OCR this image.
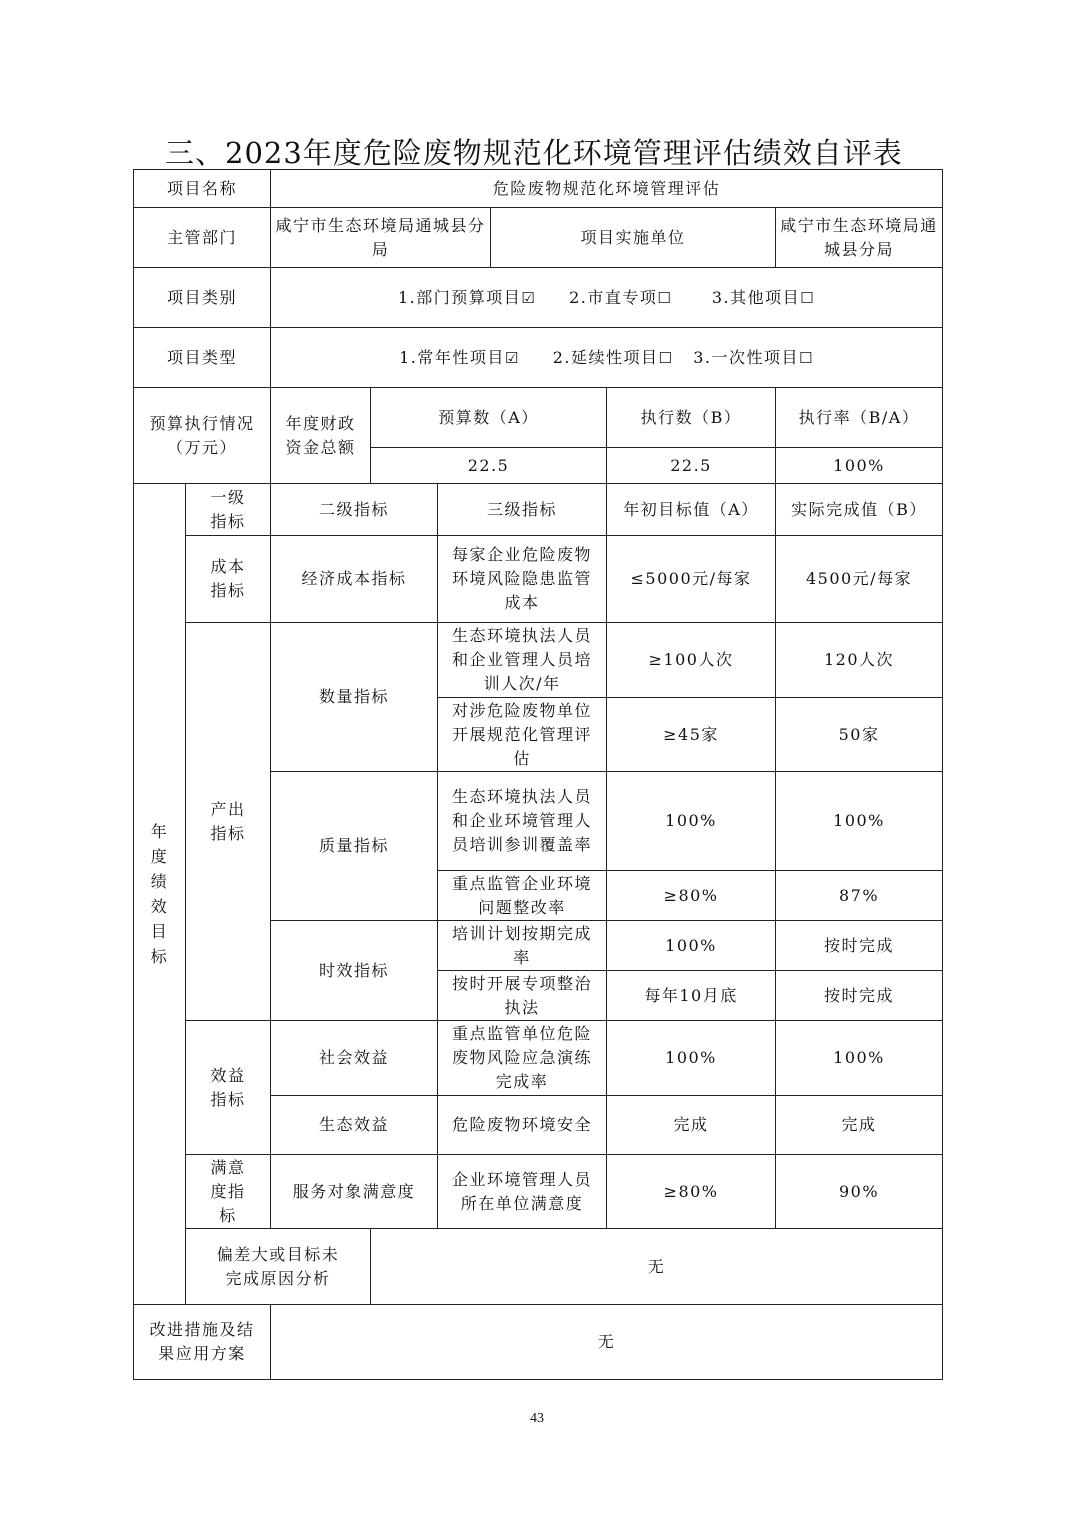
三、2023年度危险废物规范化环境管理评估绩效自评表
项目名称		危险废物规范化环境管理评估					
主管部门		咸宁市生态环境局通城县分局			项目实施单位		咸宁市生态环境局通城县分局
项目类别		1.部门预算项目☑ 2.市直专项☐ 3.其他项目☐					
项目类型		1.常年性项目☑ 2.延续性项目☐ 3.一次性项目☐					
预算执行情况（万元）		年度财政资金总额	预算数（A）			执行数（B）	执行率（B/A）
			22.5			22.5	100%
年度绩效目标	一级指标	二级指标		三级指标		年初目标值（A）	实际完成值（B）
	成本指标	经济成本指标		每家企业危险废物环境风险隐患监管成本		≤5000元/每家	4500元/每家
	产出指标	数量指标		生态环境执法人员和企业管理人员培训人次/年		≥100人次	120人次
				对涉危险废物单位开展规范化管理评估		≥45家	50家
		质量指标		生态环境执法人员和企业环境管理人员培训参训覆盖率		100%	100%
				重点监管企业环境问题整改率		≥80%	87%
		时效指标		培训计划按期完成率		100%	按时完成
				按时开展专项整治执法		每年10月底	按时完成
	效益指标	社会效益		重点监管单位危险废物风险应急演练完成率		100%	100%
		生态效益		危险废物环境安全		完成	完成
	满意度指标	服务对象满意度		企业环境管理人员所在单位满意度		≥80%	90%
	偏差大或目标未完成原因分析		无				
改进措施及结果应用方案		无					
43
